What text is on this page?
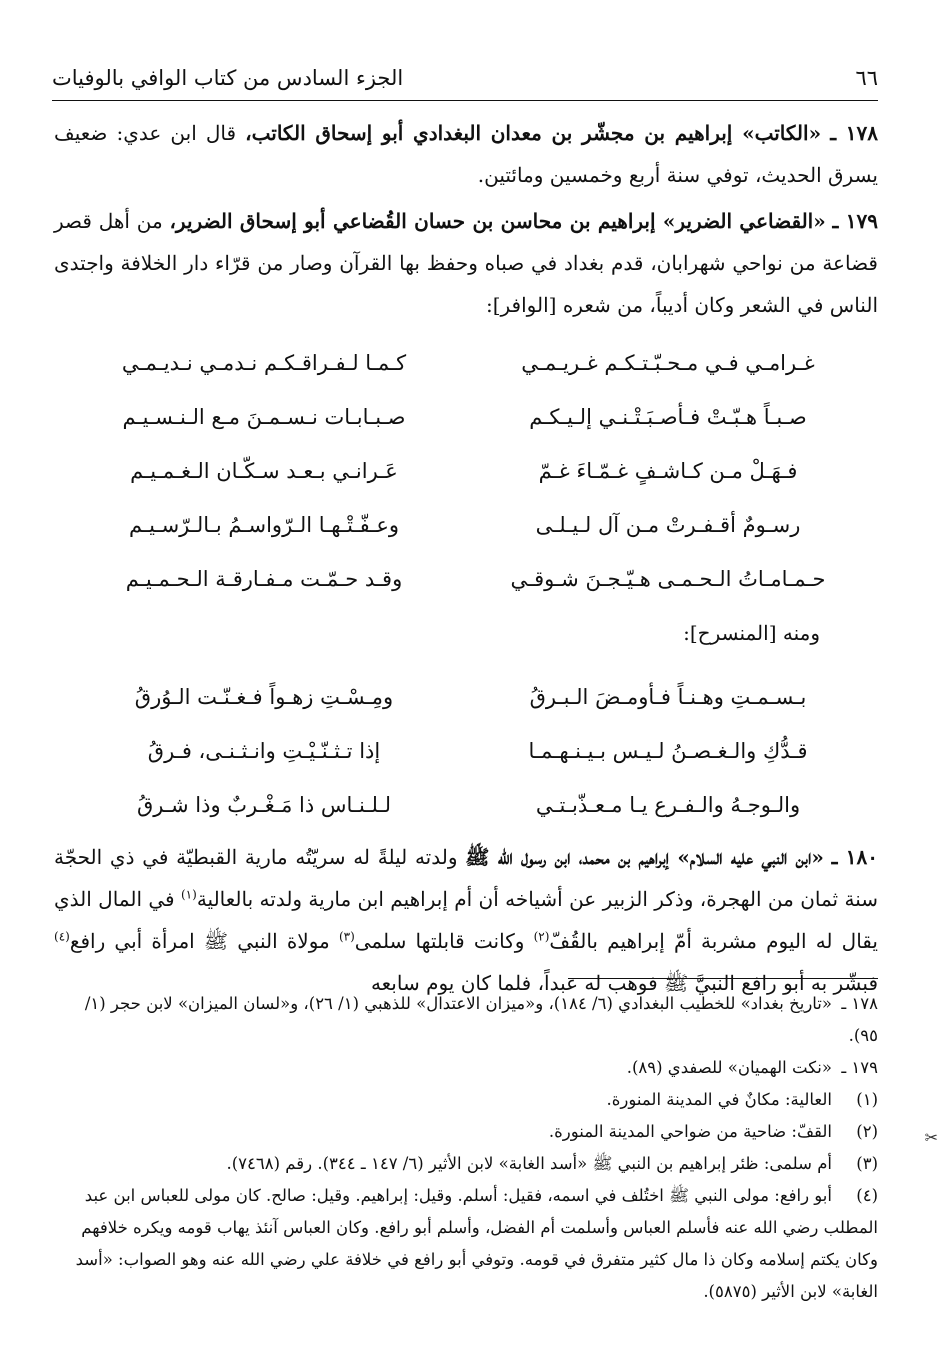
٦٦
الجزء السادس من كتاب الوافي بالوفيات

١٧٨ ـ «الكاتب» إبراهيم بن مجشّر بن معدان البغدادي أبو إسحاق الكاتب، قال ابن عدي: ضعيف يسرق الحديث، توفي سنة أربع وخمسين ومائتين.

١٧٩ ـ «القضاعي الضرير» إبراهيم بن محاسن بن حسان القُضاعي أبو إسحاق الضرير، من أهل قصر قضاعة من نواحي شهرابان، قدم بغداد في صباه وحفظ بها القرآن وصار من قرّاء دار الخلافة واجتدى الناس في الشعر وكان أديباً، من شعره [الوافر]:

غـرامـي فـي مـحـبّـتـكـم غـريـمـي
كـمـا لـفـراقـكـم نـدمـي نـديـمـي
صـبـاً هـبّـتْ فـأصـبَـتْـنـي إلـيـكـم
صـبـابـات نـسـمـنَ مـع الـنـسـيـم
فـهَـلْ مـن كـاشـفٍ غـمّـاءَ غـمّ
عَـرانـي بـعـد سـكّـان الـغـمـيـم
رسـومٌ أقـفـرتْ مـن آل لـيـلـى
وعـفّـتْـهـا الـرّواسـمُ بـالـرّسـيـم
حـمـامـاتُ الـحـمـى هـيّـجـنَ شـوقـي
وقـد حـمّـت مـفـارقـة الـحـمـيـم
ومنه [المنسرح]:
بـسـمـتِ وهـنـاً فـأومـضَ الـبـرقُ
ومِـسْـتِ زهـواً فـغـنّـت الـوُرقُ
قـدُّكِ والـغـصـنُ لـيـس بـيـنـهـمـا
إذا تـثـنّـيْـتِ وانـثـنـى، فـرقُ
والـوجـهُ والـفـرع يـا مـعـذّبـتـي
لـلـنـاس ذا مَـغْـربٌ وذا شـرقُ

١٨٠ ـ «ابن النبي عليه السلام» إبراهيم بن محمد، ابن رسول الله ﷺ ولدته ليلةً له سريّتُه مارية القبطيّة في ذي الحجّة سنة ثمان من الهجرة، وذكر الزبير عن أشياخه أن أم إبراهيم ابن مارية ولدته بالعالية$^{(١)}$ في المال الذي يقال له اليوم مشربة أمّ إبراهيم بالقُفّ$^{(٢)}$ وكانت قابلتها سلمى$^{(٣)}$ مولاة النبي ﷺ امرأة أبي رافع$^{(٤)}$ فبشّر به أبو رافع النبيَّ ﷺ فوهب له عبداً، فلما كان يوم سابعه

١٧٨ ـ«تاريخ بغداد» للخطيب البغدادي (٦/ ١٨٤)، و«ميزان الاعتدال» للذهبي (١/ ٢٦)، و«لسان الميزان» لابن حجر (١/ ٩٥).

١٧٩ ـ«نكت الهميان» للصفدي (٨٩).

(١)العالية: مكانٌ في المدينة المنورة.

(٢)القفّ: ضاحية من ضواحي المدينة المنورة.

(٣)أم سلمى: ظئر إبراهيم بن النبي ﷺ «أسد الغابة» لابن الأثير (٦/ ١٤٧ ـ ٣٤٤). رقم (٧٤٦٨).

(٤)أبو رافع: مولى النبي ﷺ اختُلف في اسمه، فقيل: أسلم. وقيل: إبراهيم. وقيل: صالح. كان مولى للعباس ابن عبد المطلب رضي الله عنه فأسلم العباس وأسلمت أم الفضل، وأسلم أبو رافع. وكان العباس آنئذ يهاب قومه ويكره خلافهم وكان يكتم إسلامه وكان ذا مال كثير متفرق في قومه. وتوفي أبو رافع في خلافة علي رضي الله عنه وهو الصواب: «أسد الغابة» لابن الأثير (٥٨٧٥).

✂
